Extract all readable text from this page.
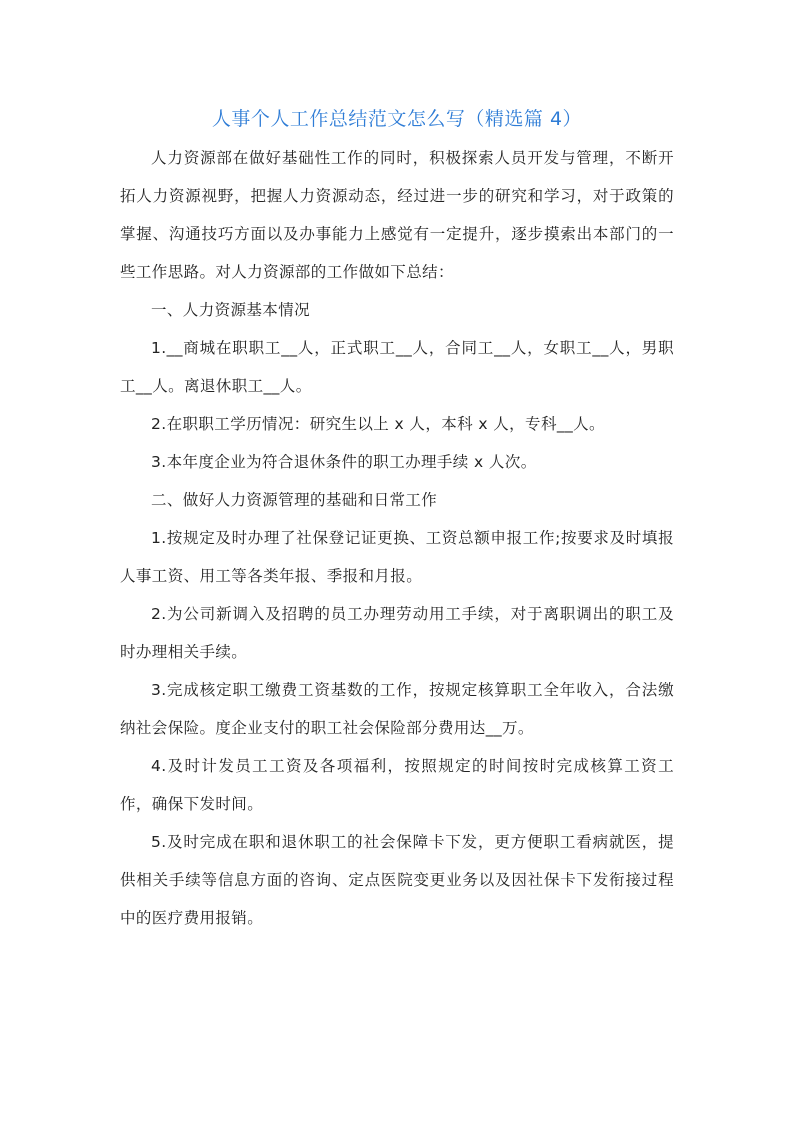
人事个人工作总结范文怎么写（精选篇 4）

人力资源部在做好基础性工作的同时，积极探索人员开发与管理，不断开拓人力资源视野，把握人力资源动态，经过进一步的研究和学习，对于政策的掌握、沟通技巧方面以及办事能力上感觉有一定提升，逐步摸索出本部门的一些工作思路。对人力资源部的工作做如下总结：

一、人力资源基本情况

1.__商城在职职工__人，正式职工__人，合同工__人，女职工__人，男职工__人。离退休职工__人。

2.在职职工学历情况：研究生以上 x 人，本科 x 人，专科__人。

3.本年度企业为符合退休条件的职工办理手续 x 人次。

二、做好人力资源管理的基础和日常工作

1.按规定及时办理了社保登记证更换、工资总额申报工作;按要求及时填报人事工资、用工等各类年报、季报和月报。

2.为公司新调入及招聘的员工办理劳动用工手续，对于离职调出的职工及时办理相关手续。

3.完成核定职工缴费工资基数的工作，按规定核算职工全年收入，合法缴纳社会保险。度企业支付的职工社会保险部分费用达__万。

4.及时计发员工工资及各项福利，按照规定的时间按时完成核算工资工作，确保下发时间。

5.及时完成在职和退休职工的社会保障卡下发，更方便职工看病就医，提供相关手续等信息方面的咨询、定点医院变更业务以及因社保卡下发衔接过程中的医疗费用报销。
